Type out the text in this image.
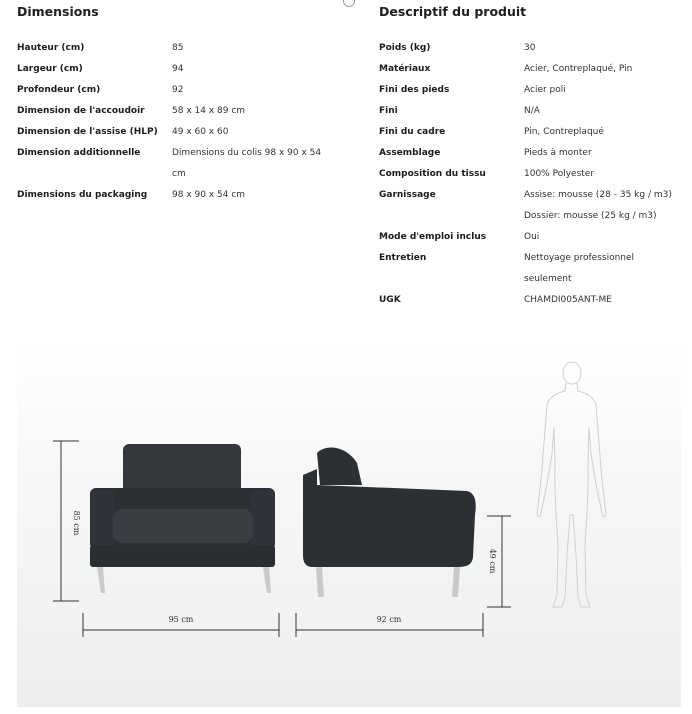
Dimensions
Hauteur (cm)	85
Largeur (cm)	94
Profondeur (cm)	92
Dimension de l'accoudoir	58 x 14 x 89 cm
Dimension de l'assise (HLP) 49 x 60 x 60
Dimension additionnelle	Dimensions du colis 98 x 90 x 54
cm
Dimensions du packaging	98 x 90 x 54 cm
Descriptif du produit
Poids (kg)	30
Matériaux	Acier, Contreplaqué, Pin
Fini des pieds	Acier poli
Fini	N/A
Fini du cadre	Pin, Contreplaqué
Assemblage	Pieds à monter
Composition du tissu	100% Polyester
Garnissage	Assise: mousse (28 - 35 kg / m3)
Dossier: mousse (25 kg / m3)
Mode d'emploi inclus	Oui
Entretien	Nettoyage professionnel
seulement
UGK	CHAMDI005ANT-ME
85 cm
95 cm	92 cm
49 cm
